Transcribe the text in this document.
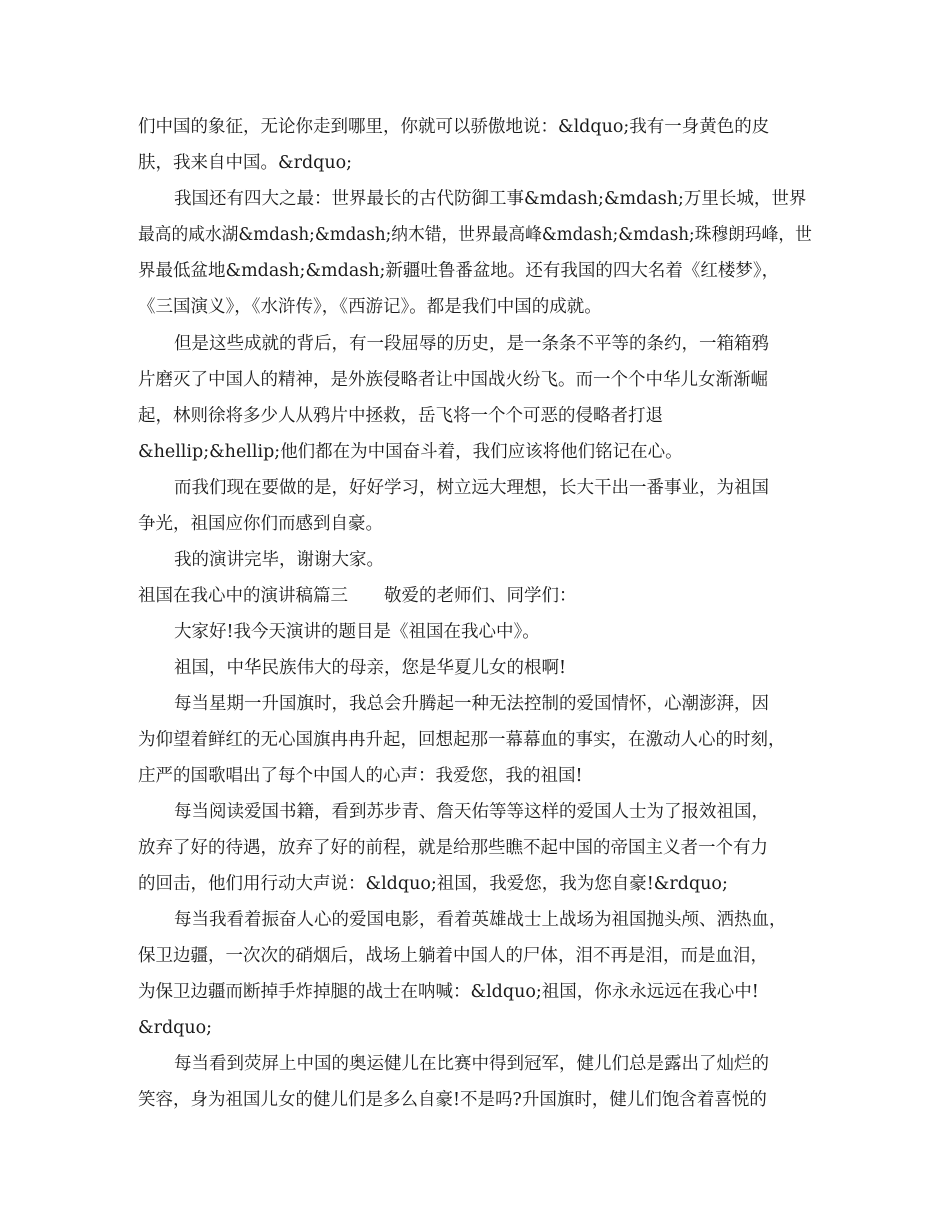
们中国的象征，无论你走到哪里，你就可以骄傲地说：&ldquo;我有一身黄色的皮
肤，我来自中国。&rdquo;
我国还有四大之最：世界最长的古代防御工事&mdash;&mdash;万里长城，世界
最高的咸水湖&mdash;&mdash;纳木错，世界最高峰&mdash;&mdash;珠穆朗玛峰，世
界最低盆地&mdash;&mdash;新疆吐鲁番盆地。还有我国的四大名着《红楼梦》，
《三国演义》，《水浒传》，《西游记》。都是我们中国的成就。
但是这些成就的背后，有一段屈辱的历史，是一条条不平等的条约，一箱箱鸦
片磨灭了中国人的精神，是外族侵略者让中国战火纷飞。而一个个中华儿女渐渐崛
起，林则徐将多少人从鸦片中拯救，岳飞将一个个可恶的侵略者打退
&hellip;&hellip;他们都在为中国奋斗着，我们应该将他们铭记在心。
而我们现在要做的是，好好学习，树立远大理想，长大干出一番事业，为祖国
争光，祖国应你们而感到自豪。
我的演讲完毕，谢谢大家。
祖国在我心中的演讲稿篇三 敬爱的老师们、同学们：
大家好!我今天演讲的题目是《祖国在我心中》。
祖国，中华民族伟大的母亲，您是华夏儿女的根啊!
每当星期一升国旗时，我总会升腾起一种无法控制的爱国情怀，心潮澎湃，因
为仰望着鲜红的无心国旗冉冉升起，回想起那一幕幕血的事实，在激动人心的时刻，
庄严的国歌唱出了每个中国人的心声：我爱您，我的祖国!
每当阅读爱国书籍，看到苏步青、詹天佑等等这样的爱国人士为了报效祖国，
放弃了好的待遇，放弃了好的前程，就是给那些瞧不起中国的帝国主义者一个有力
的回击，他们用行动大声说：&ldquo;祖国，我爱您，我为您自豪!&rdquo;
每当我看着振奋人心的爱国电影，看着英雄战士上战场为祖国抛头颅、洒热血，
保卫边疆，一次次的硝烟后，战场上躺着中国人的尸体，泪不再是泪，而是血泪，
为保卫边疆而断掉手炸掉腿的战士在呐喊：&ldquo;祖国，你永永远远在我心中!
&rdquo;
每当看到荧屏上中国的奥运健儿在比赛中得到冠军，健儿们总是露出了灿烂的
笑容，身为祖国儿女的健儿们是多么自豪!不是吗?升国旗时，健儿们饱含着喜悦的
